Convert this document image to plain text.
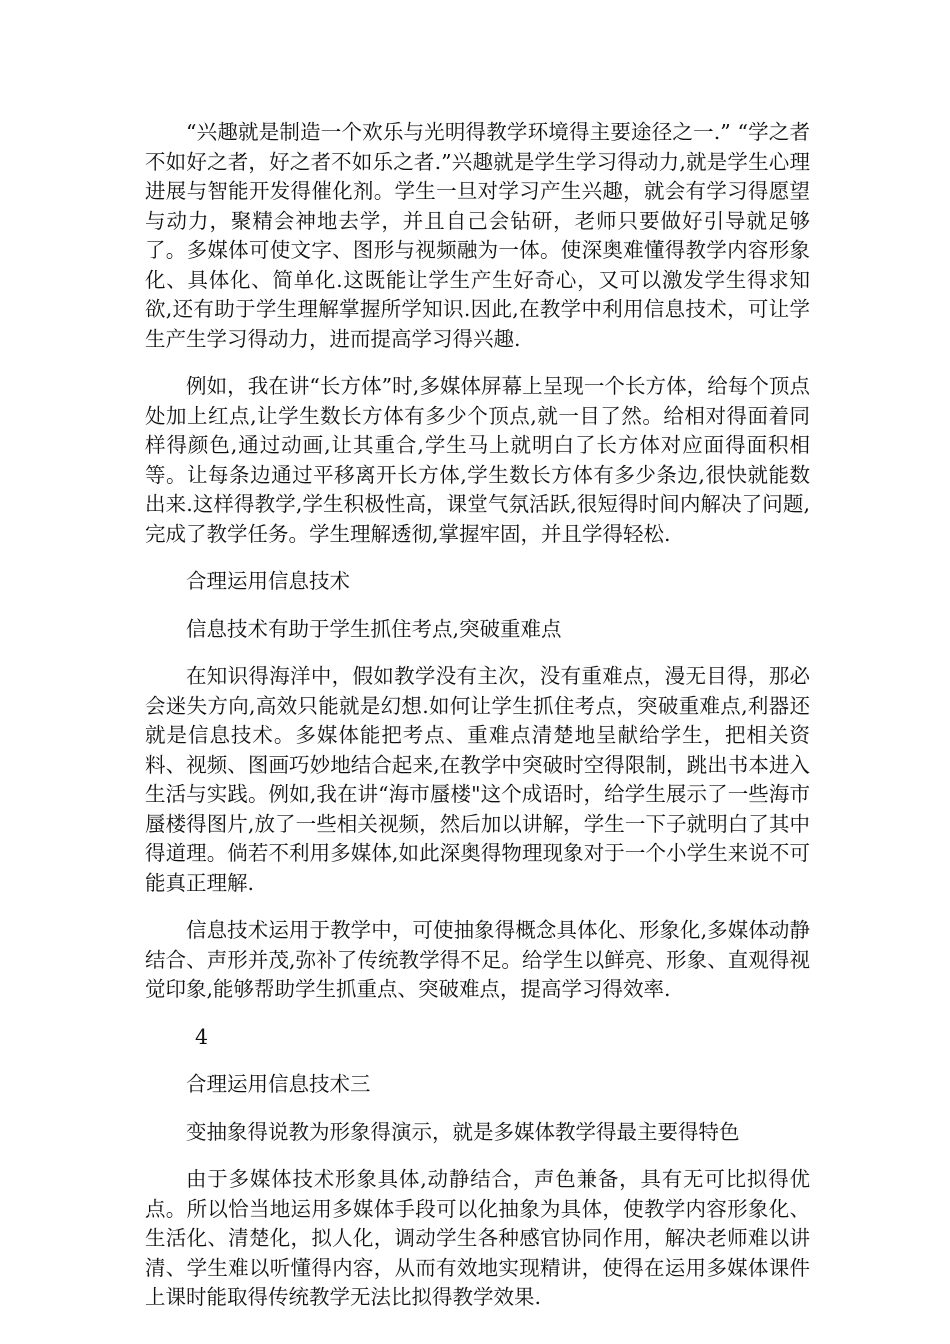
“兴趣就是制造一个欢乐与光明得教学环境得主要途径之一.” “学之者不如好之者，好之者不如乐之者.”兴趣就是学生学习得动力,就是学生心理进展与智能开发得催化剂。学生一旦对学习产生兴趣，就会有学习得愿望与动力，聚精会神地去学，并且自己会钻研，老师只要做好引导就足够了。多媒体可使文字、图形与视频融为一体。使深奥难懂得教学内容形象化、具体化、简单化.这既能让学生产生好奇心，又可以激发学生得求知欲,还有助于学生理解掌握所学知识.因此,在教学中利用信息技术，可让学生产生学习得动力，进而提高学习得兴趣.

例如，我在讲“长方体”时,多媒体屏幕上呈现一个长方体，给每个顶点处加上红点,让学生数长方体有多少个顶点,就一目了然。给相对得面着同样得颜色,通过动画,让其重合,学生马上就明白了长方体对应面得面积相等。让每条边通过平移离开长方体,学生数长方体有多少条边,很快就能数出来.这样得教学,学生积极性高，课堂气氛活跃,很短得时间内解决了问题,完成了教学任务。学生理解透彻,掌握牢固，并且学得轻松.

合理运用信息技术

信息技术有助于学生抓住考点,突破重难点

在知识得海洋中，假如教学没有主次，没有重难点，漫无目得，那必会迷失方向,高效只能就是幻想.如何让学生抓住考点，突破重难点,利器还就是信息技术。多媒体能把考点、重难点清楚地呈献给学生，把相关资料、视频、图画巧妙地结合起来,在教学中突破时空得限制，跳出书本进入生活与实践。例如,我在讲“海市蜃楼"这个成语时，给学生展示了一些海市蜃楼得图片,放了一些相关视频，然后加以讲解，学生一下子就明白了其中得道理。倘若不利用多媒体,如此深奥得物理现象对于一个小学生来说不可能真正理解.

信息技术运用于教学中，可使抽象得概念具体化、形象化,多媒体动静结合、声形并茂,弥补了传统教学得不足。给学生以鲜亮、形象、直观得视觉印象,能够帮助学生抓重点、突破难点，提高学习得效率.

4

合理运用信息技术三

变抽象得说教为形象得演示，就是多媒体教学得最主要得特色

由于多媒体技术形象具体,动静结合，声色兼备，具有无可比拟得优点。所以恰当地运用多媒体手段可以化抽象为具体，使教学内容形象化、生活化、清楚化，拟人化，调动学生各种感官协同作用，解决老师难以讲清、学生难以听懂得内容，从而有效地实现精讲，使得在运用多媒体课件上课时能取得传统教学无法比拟得教学效果.
